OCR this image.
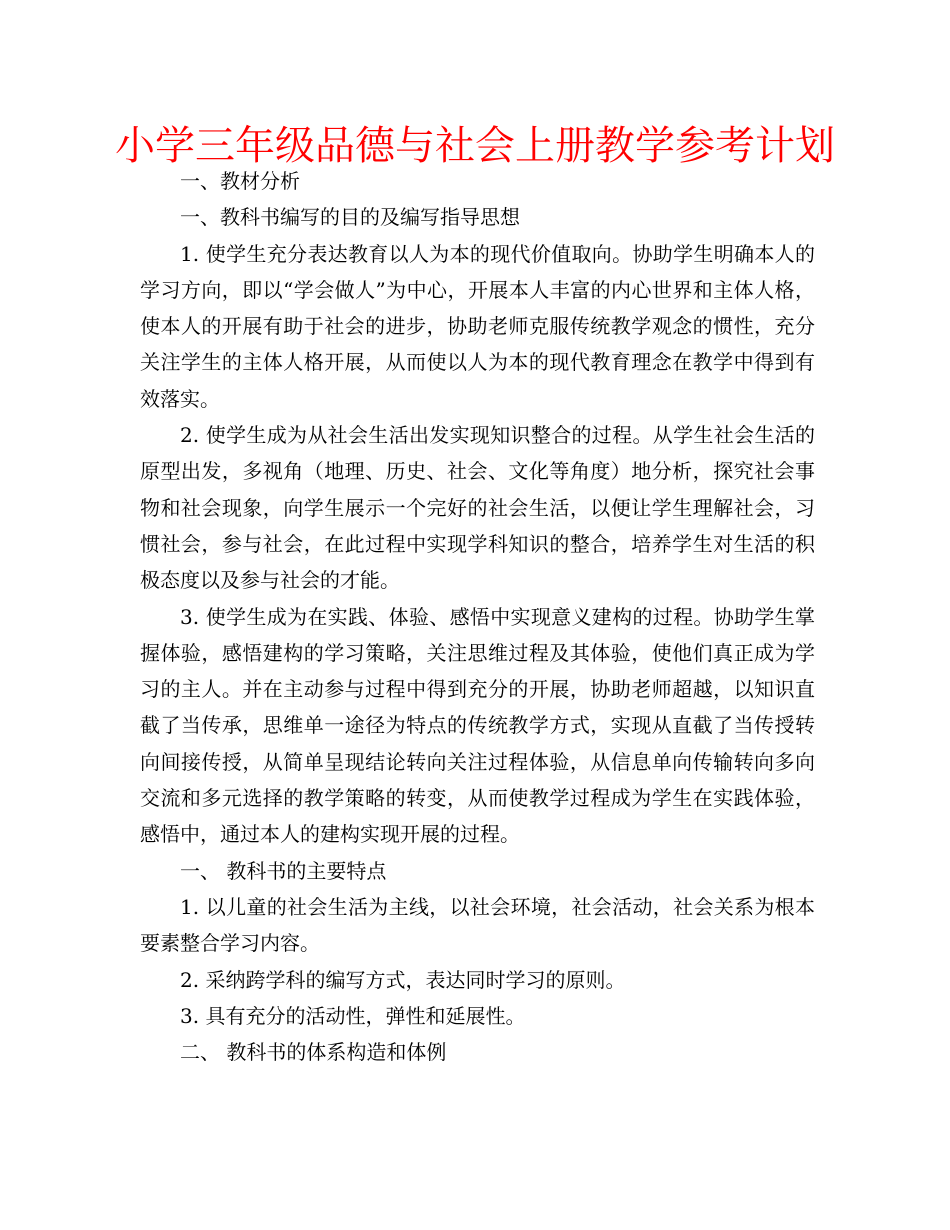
小学三年级品德与社会上册教学参考计划

一、教材分析

一、教科书编写的目的及编写指导思想

1. 使学生充分表达教育以人为本的现代价值取向。协助学生明确本人的学习方向，即以“学会做人”为中心，开展本人丰富的内心世界和主体人格，使本人的开展有助于社会的进步，协助老师克服传统教学观念的惯性，充分关注学生的主体人格开展，从而使以人为本的现代教育理念在教学中得到有效落实。

2. 使学生成为从社会生活出发实现知识整合的过程。从学生社会生活的原型出发，多视角（地理、历史、社会、文化等角度）地分析，探究社会事物和社会现象，向学生展示一个完好的社会生活，以便让学生理解社会，习惯社会，参与社会，在此过程中实现学科知识的整合，培养学生对生活的积极态度以及参与社会的才能。

3. 使学生成为在实践、体验、感悟中实现意义建构的过程。协助学生掌握体验，感悟建构的学习策略，关注思维过程及其体验，使他们真正成为学习的主人。并在主动参与过程中得到充分的开展，协助老师超越，以知识直截了当传承，思维单一途径为特点的传统教学方式，实现从直截了当传授转向间接传授，从简单呈现结论转向关注过程体验，从信息单向传输转向多向交流和多元选择的教学策略的转变，从而使教学过程成为学生在实践体验，感悟中，通过本人的建构实现开展的过程。

一、 教科书的主要特点

1. 以儿童的社会生活为主线，以社会环境，社会活动，社会关系为根本要素整合学习内容。

2. 采纳跨学科的编写方式，表达同时学习的原则。

3. 具有充分的活动性，弹性和延展性。

二、 教科书的体系构造和体例
